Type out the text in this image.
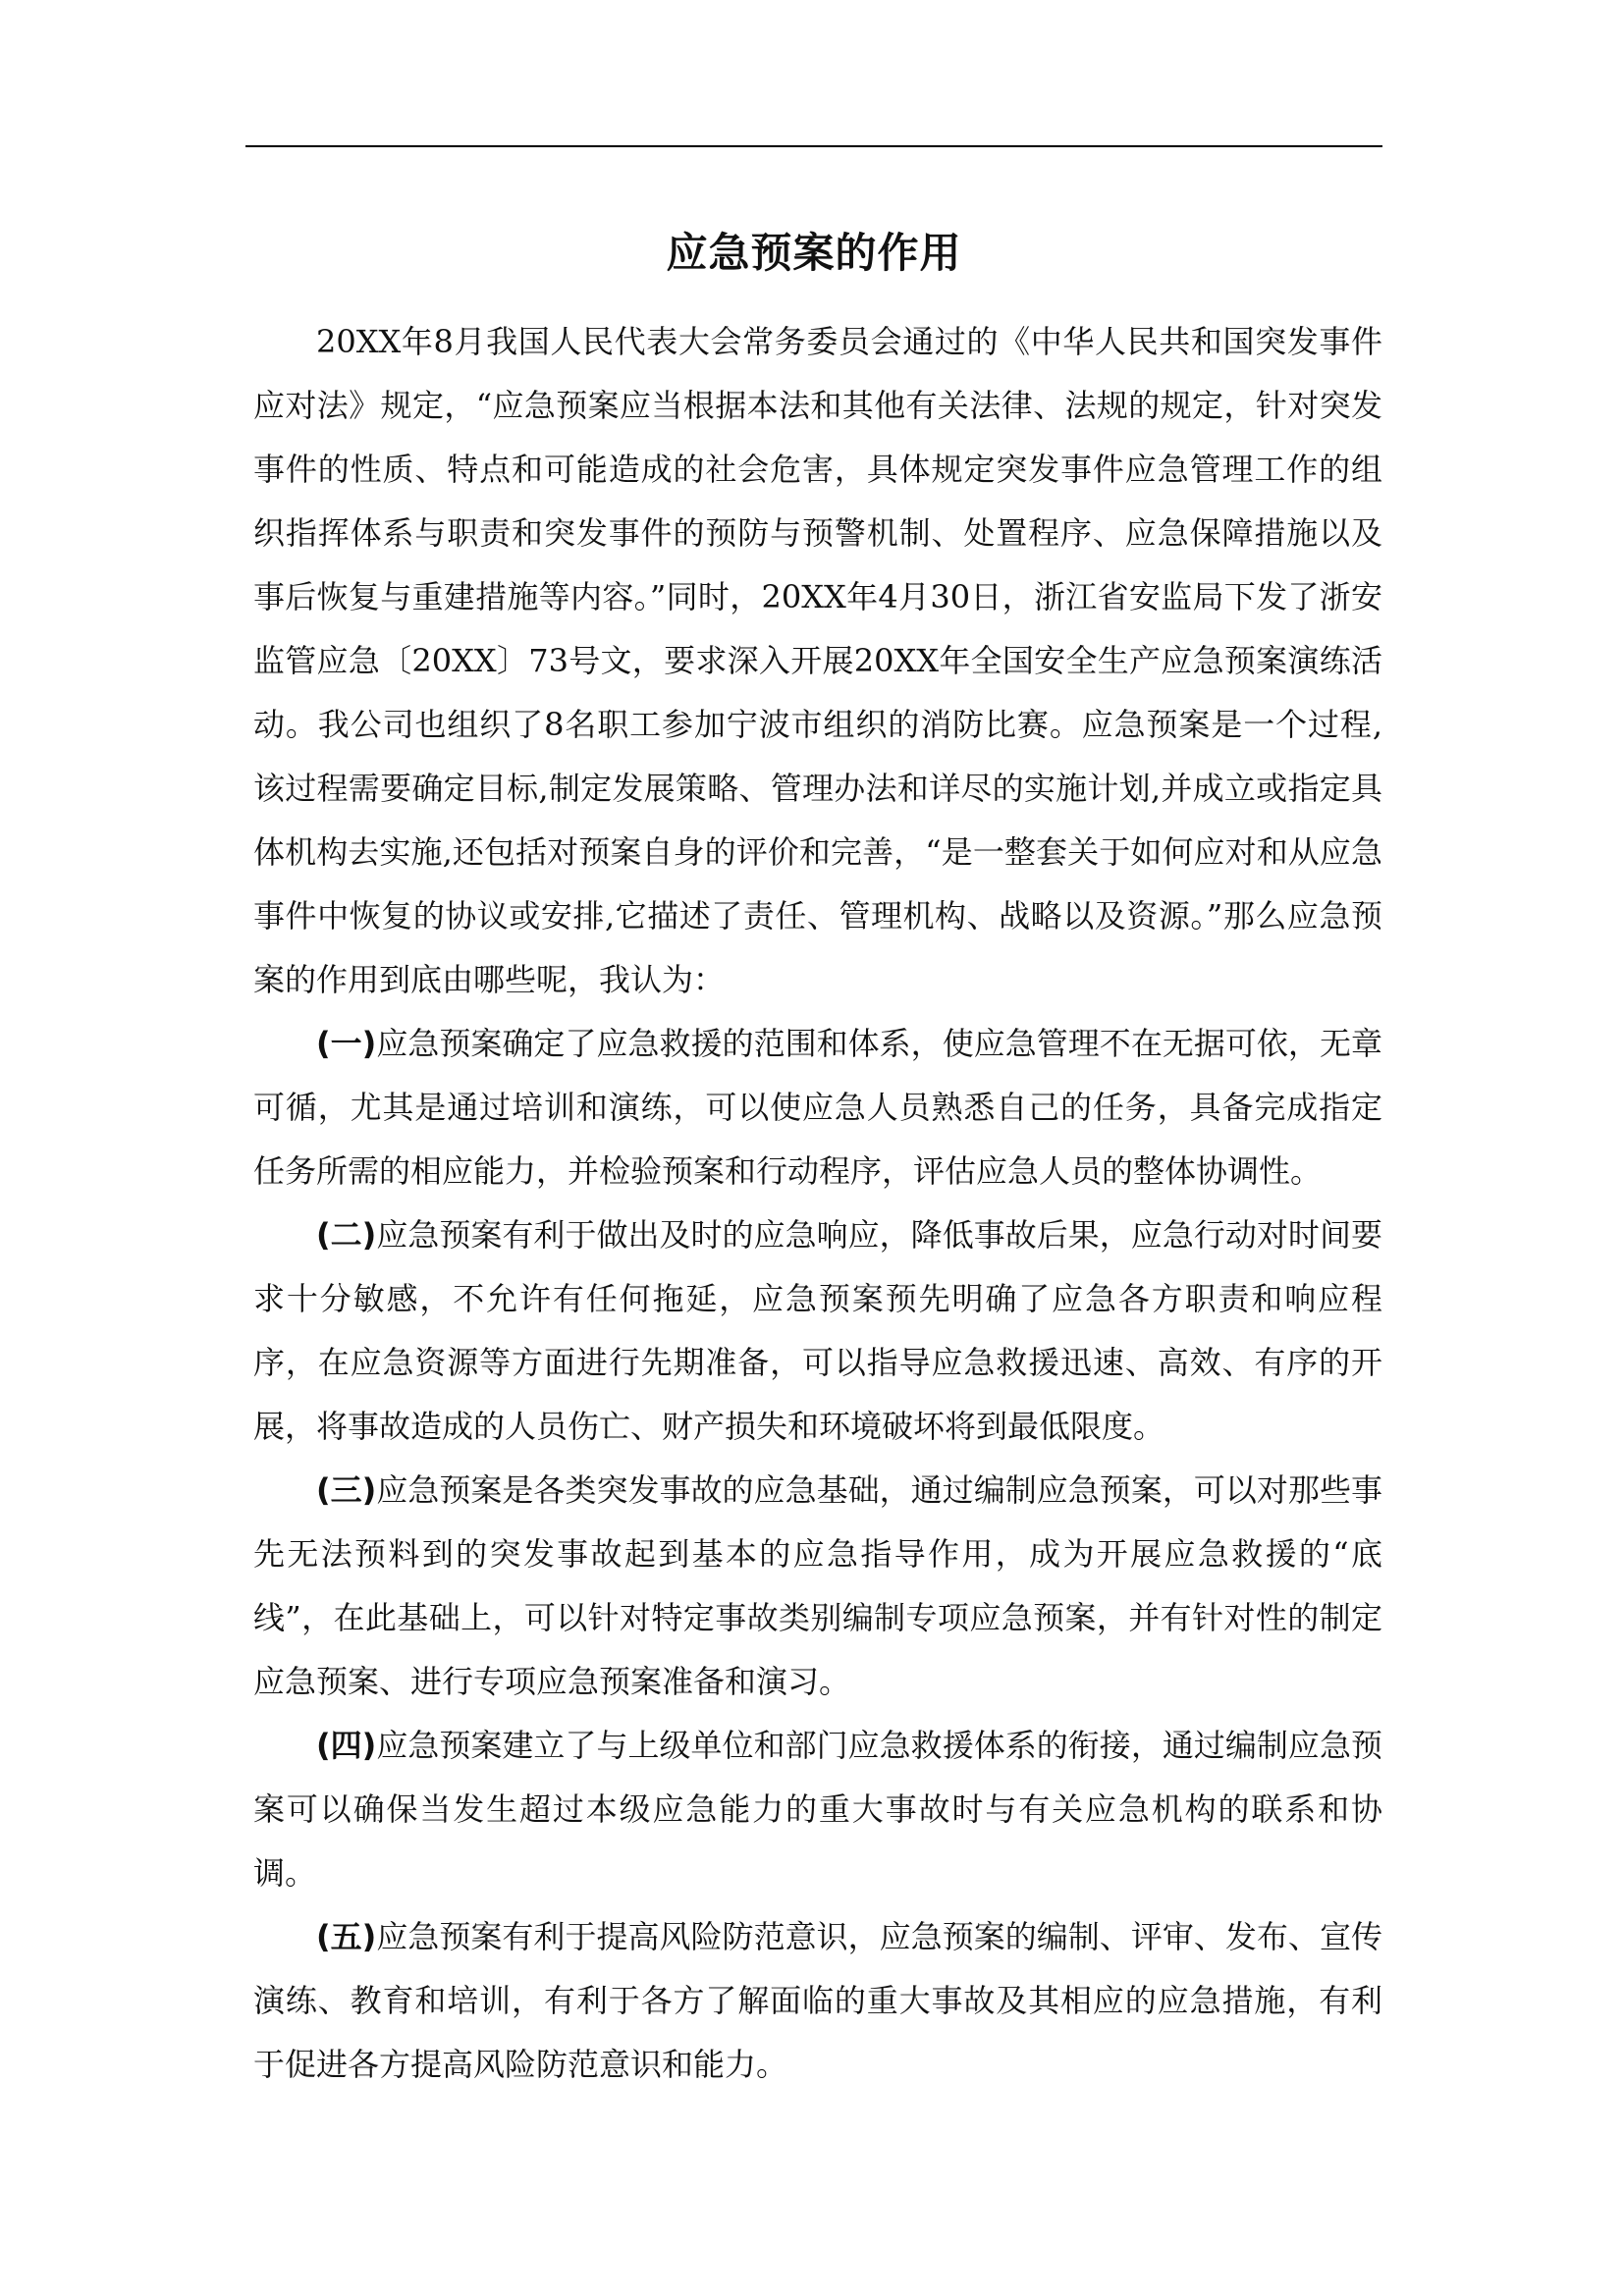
应急预案的作用

20XX年8月我国人民代表大会常务委员会通过的《中华人民共和国突发事件应对法》规定，“应急预案应当根据本法和其他有关法律、法规的规定，针对突发事件的性质、特点和可能造成的社会危害，具体规定突发事件应急管理工作的组织指挥体系与职责和突发事件的预防与预警机制、处置程序、应急保障措施以及事后恢复与重建措施等内容。”同时，20XX年4月30日，浙江省安监局下发了浙安监管应急〔20XX〕73号文，要求深入开展20XX年全国安全生产应急预案演练活动。我公司也组织了8名职工参加宁波市组织的消防比赛。应急预案是一个过程,该过程需要确定目标,制定发展策略、管理办法和详尽的实施计划,并成立或指定具体机构去实施,还包括对预案自身的评价和完善，“是一整套关于如何应对和从应急事件中恢复的协议或安排,它描述了责任、管理机构、战略以及资源。”那么应急预案的作用到底由哪些呢，我认为：

(一)应急预案确定了应急救援的范围和体系，使应急管理不在无据可依，无章可循，尤其是通过培训和演练，可以使应急人员熟悉自己的任务，具备完成指定任务所需的相应能力，并检验预案和行动程序，评估应急人员的整体协调性。

(二)应急预案有利于做出及时的应急响应，降低事故后果，应急行动对时间要求十分敏感，不允许有任何拖延，应急预案预先明确了应急各方职责和响应程序，在应急资源等方面进行先期准备，可以指导应急救援迅速、高效、有序的开展，将事故造成的人员伤亡、财产损失和环境破坏将到最低限度。

(三)应急预案是各类突发事故的应急基础，通过编制应急预案，可以对那些事先无法预料到的突发事故起到基本的应急指导作用，成为开展应急救援的“底线”，在此基础上，可以针对特定事故类别编制专项应急预案，并有针对性的制定应急预案、进行专项应急预案准备和演习。

(四)应急预案建立了与上级单位和部门应急救援体系的衔接，通过编制应急预案可以确保当发生超过本级应急能力的重大事故时与有关应急机构的联系和协调。

(五)应急预案有利于提高风险防范意识，应急预案的编制、评审、发布、宣传演练、教育和培训，有利于各方了解面临的重大事故及其相应的应急措施，有利于促进各方提高风险防范意识和能力。
